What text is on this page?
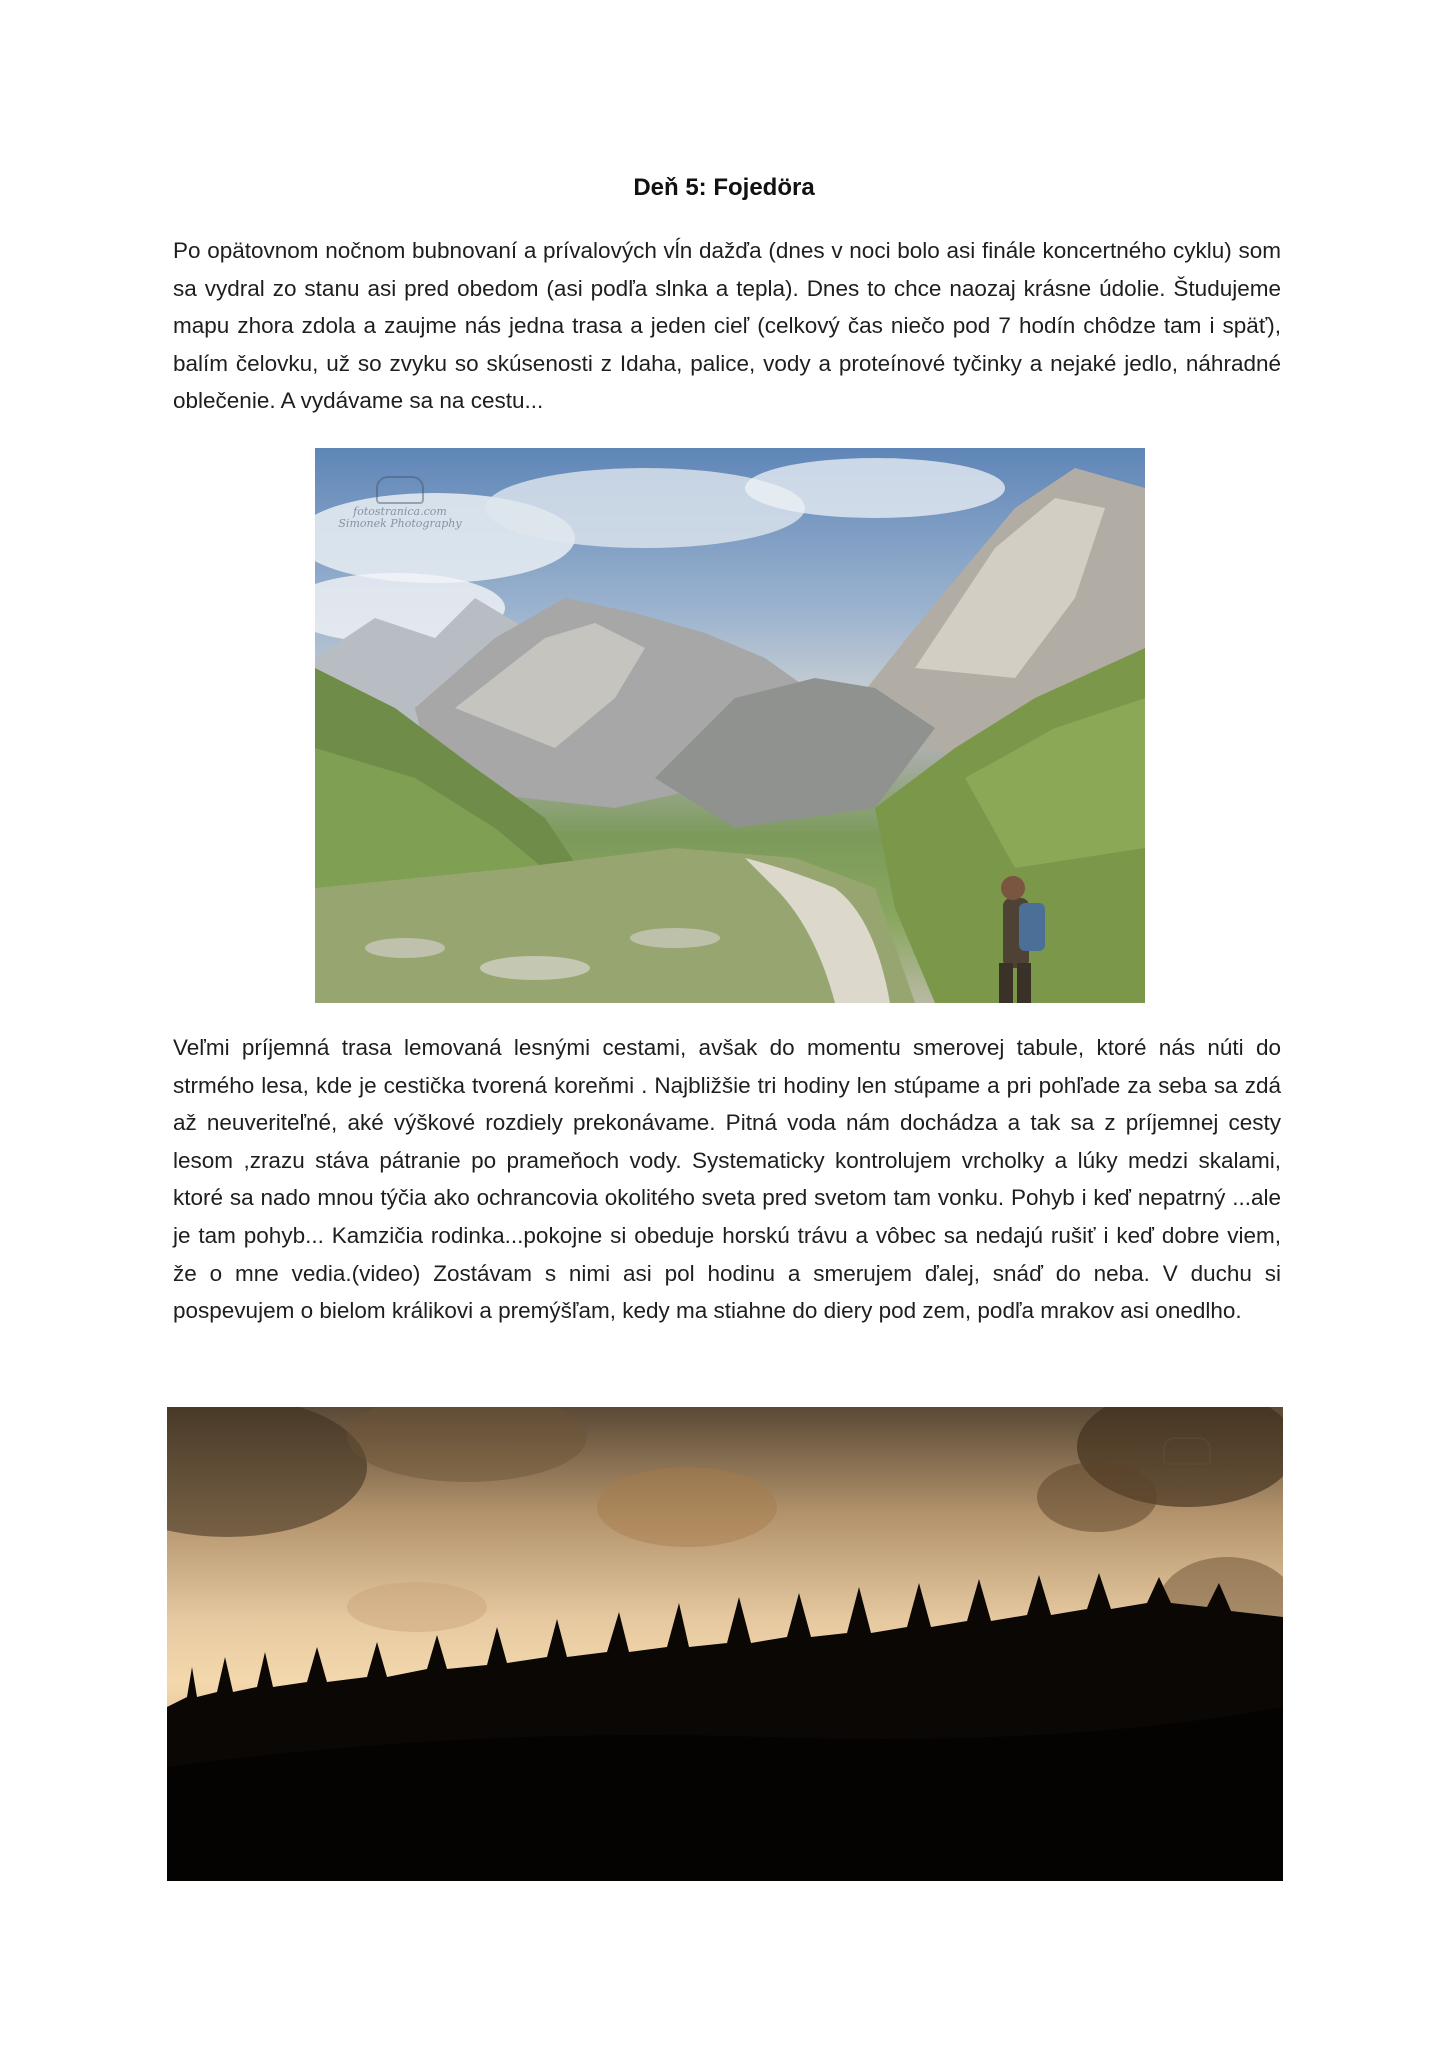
Deň 5: Fojedöra

Po opätovnom nočnom bubnovaní a prívalových vĺn dažďa (dnes v noci bolo asi finále koncertného cyklu) som sa vydral zo stanu asi pred obedom (asi podľa slnka a tepla). Dnes to chce naozaj krásne údolie. Študujeme mapu zhora zdola a zaujme nás jedna trasa a jeden cieľ (celkový čas niečo pod 7 hodín chôdze tam i späť), balím čelovku, už so zvyku so skúsenosti z Idaha, palice, vody a proteínové tyčinky a nejaké jedlo, náhradné oblečenie. A vydávame sa na cestu...

fotostranica.com
Simonek Photography

Veľmi príjemná trasa lemovaná lesnými cestami, avšak do momentu smerovej tabule, ktoré nás núti do strmého lesa, kde je cestička tvorená koreňmi . Najbližšie tri hodiny len stúpame a pri pohľade za seba sa zdá až neuveriteľné, aké výškové rozdiely prekonávame. Pitná voda nám dochádza a tak sa z príjemnej cesty lesom ,zrazu stáva pátranie po prameňoch vody. Systematicky kontrolujem vrcholky a lúky medzi skalami, ktoré sa nado mnou týčia ako ochrancovia okolitého sveta pred svetom tam vonku. Pohyb i keď nepatrný ...ale je tam pohyb... Kamzičia rodinka...pokojne si obeduje horskú trávu a vôbec sa nedajú rušiť i keď dobre viem, že o mne vedia.(video) Zostávam s nimi asi pol hodinu a smerujem ďalej, snáď do neba. V duchu si pospevujem o bielom králikovi a premýšľam, kedy ma stiahne do diery pod zem, podľa mrakov asi onedlho.

fotostranica.com
Simonek Photography
